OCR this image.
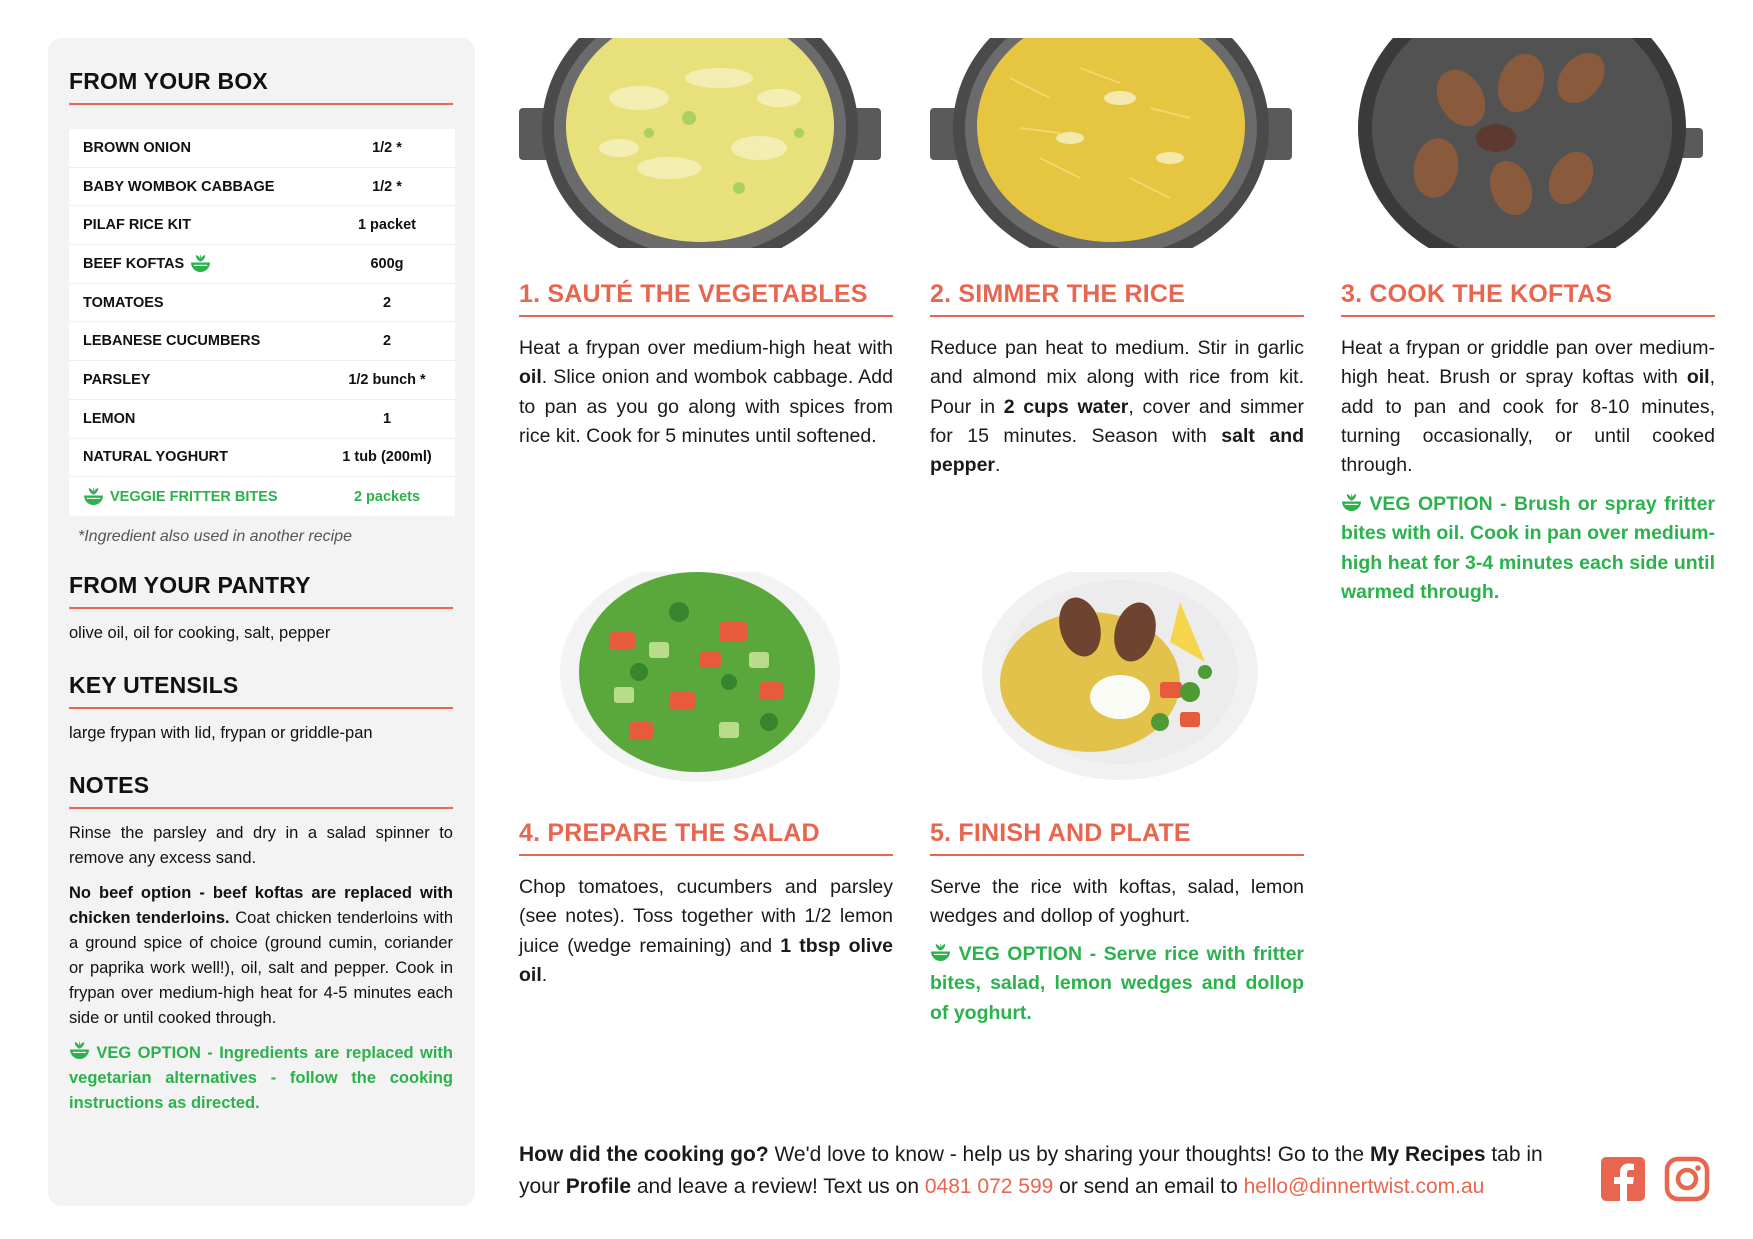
FROM YOUR BOX
BROWN ONION	1/2 *
BABY WOMBOK CABBAGE	1/2 *
PILAF RICE KIT	1 packet
BEEF KOFTAS	600g
TOMATOES	2
LEBANESE CUCUMBERS	2
PARSLEY	1/2 bunch *
LEMON	1
NATURAL YOGHURT	1 tub (200ml)
VEGGIE FRITTER BITES	2 packets
*Ingredient also used in another recipe
FROM YOUR PANTRY
olive oil, oil for cooking, salt, pepper
KEY UTENSILS
large frypan with lid, frypan or griddle-pan
NOTES

Rinse the parsley and dry in a salad spinner to remove any excess sand.

No beef option - beef koftas are replaced with chicken tenderloins. Coat chicken tenderloins with a ground spice of choice (ground cumin, coriander or paprika work well!), oil, salt and pepper. Cook in frypan over medium-high heat for 4-5 minutes each side or until cooked through.

VEG OPTION - Ingredients are replaced with vegetarian alternatives - follow the cooking instructions as directed.

1. SAUTÉ THE VEGETABLES
Heat a frypan over medium-high heat with oil. Slice onion and wombok cabbage. Add to pan as you go along with spices from rice kit. Cook for 5 minutes until softened.
2. SIMMER THE RICE
Reduce pan heat to medium. Stir in garlic and almond mix along with rice from kit. Pour in 2 cups water, cover and simmer for 15 minutes. Season with salt and pepper.
3. COOK THE KOFTAS
Heat a frypan or griddle pan over medium-high heat. Brush or spray koftas with oil, add to pan and cook for 8-10 minutes, turning occasionally, or until cooked through.
VEG OPTION - Brush or spray fritter bites with oil. Cook in pan over medium-high heat for 3-4 minutes each side until warmed through.
4. PREPARE THE SALAD
Chop tomatoes, cucumbers and parsley (see notes). Toss together with 1/2 lemon juice (wedge remaining) and 1 tbsp olive oil.
5. FINISH AND PLATE
Serve the rice with koftas, salad, lemon wedges and dollop of yoghurt.
VEG OPTION - Serve rice with fritter bites, salad, lemon wedges and dollop of yoghurt.
How did the cooking go? We'd love to know - help us by sharing your thoughts! Go to the My Recipes tab in your Profile and leave a review! Text us on 0481 072 599 or send an email to hello@dinnertwist.com.au
